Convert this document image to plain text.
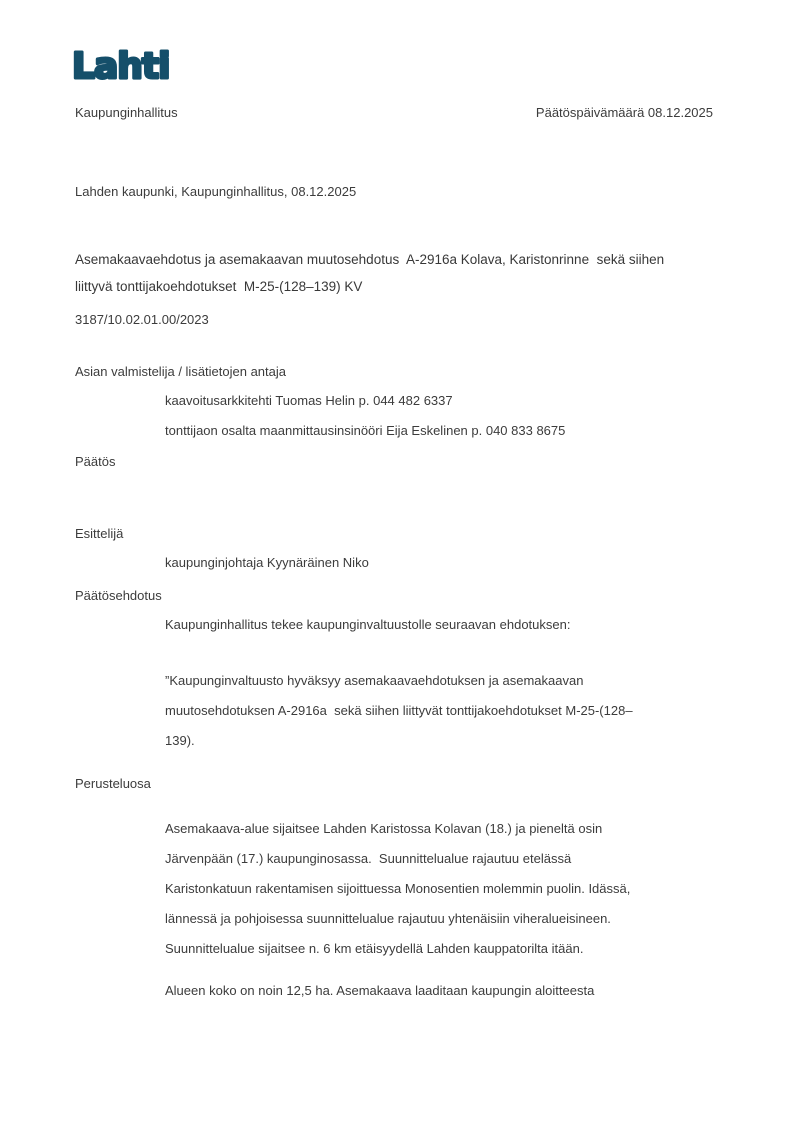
Lahti
Kaupunginhallitus	Päätöspäivämäärä 08.12.2025

Lahden kaupunki, Kaupunginhallitus, 08.12.2025

Asemakaavaehdotus ja asemakaavan muutosehdotus  A-2916a Kolava, Karistonrinne  sekä siihen
liittyvä tonttijakoehdotukset  M-25-(128–139) KV

3187/10.02.01.00/2023

Asian valmistelija / lisätietojen antaja
kaavoitusarkkitehti Tuomas Helin p. 044 482 6337
tonttijaon osalta maanmittausinsinööri Eija Eskelinen p. 040 833 8675
Päätös
Esittelijä
kaupunginjohtaja Kyynäräinen Niko
Päätösehdotus
Kaupunginhallitus tekee kaupunginvaltuustolle seuraavan ehdotuksen:
”Kaupunginvaltuusto hyväksyy asemakaavaehdotuksen ja asemakaavan
muutosehdotuksen A-2916a  sekä siihen liittyvät tonttijakoehdotukset M-25-(128–
139).
Perusteluosa
Asemakaava-alue sijaitsee Lahden Karistossa Kolavan (18.) ja pieneltä osin
Järvenpään (17.) kaupunginosassa.  Suunnittelualue rajautuu etelässä
Karistonkatuun rakentamisen sijoittuessa Monosentien molemmin puolin. Idässä,
lännessä ja pohjoisessa suunnittelualue rajautuu yhtenäisiin viheralueisineen.
Suunnittelualue sijaitsee n. 6 km etäisyydellä Lahden kauppatorilta itään.
Alueen koko on noin 12,5 ha. Asemakaava laaditaan kaupungin aloitteesta
